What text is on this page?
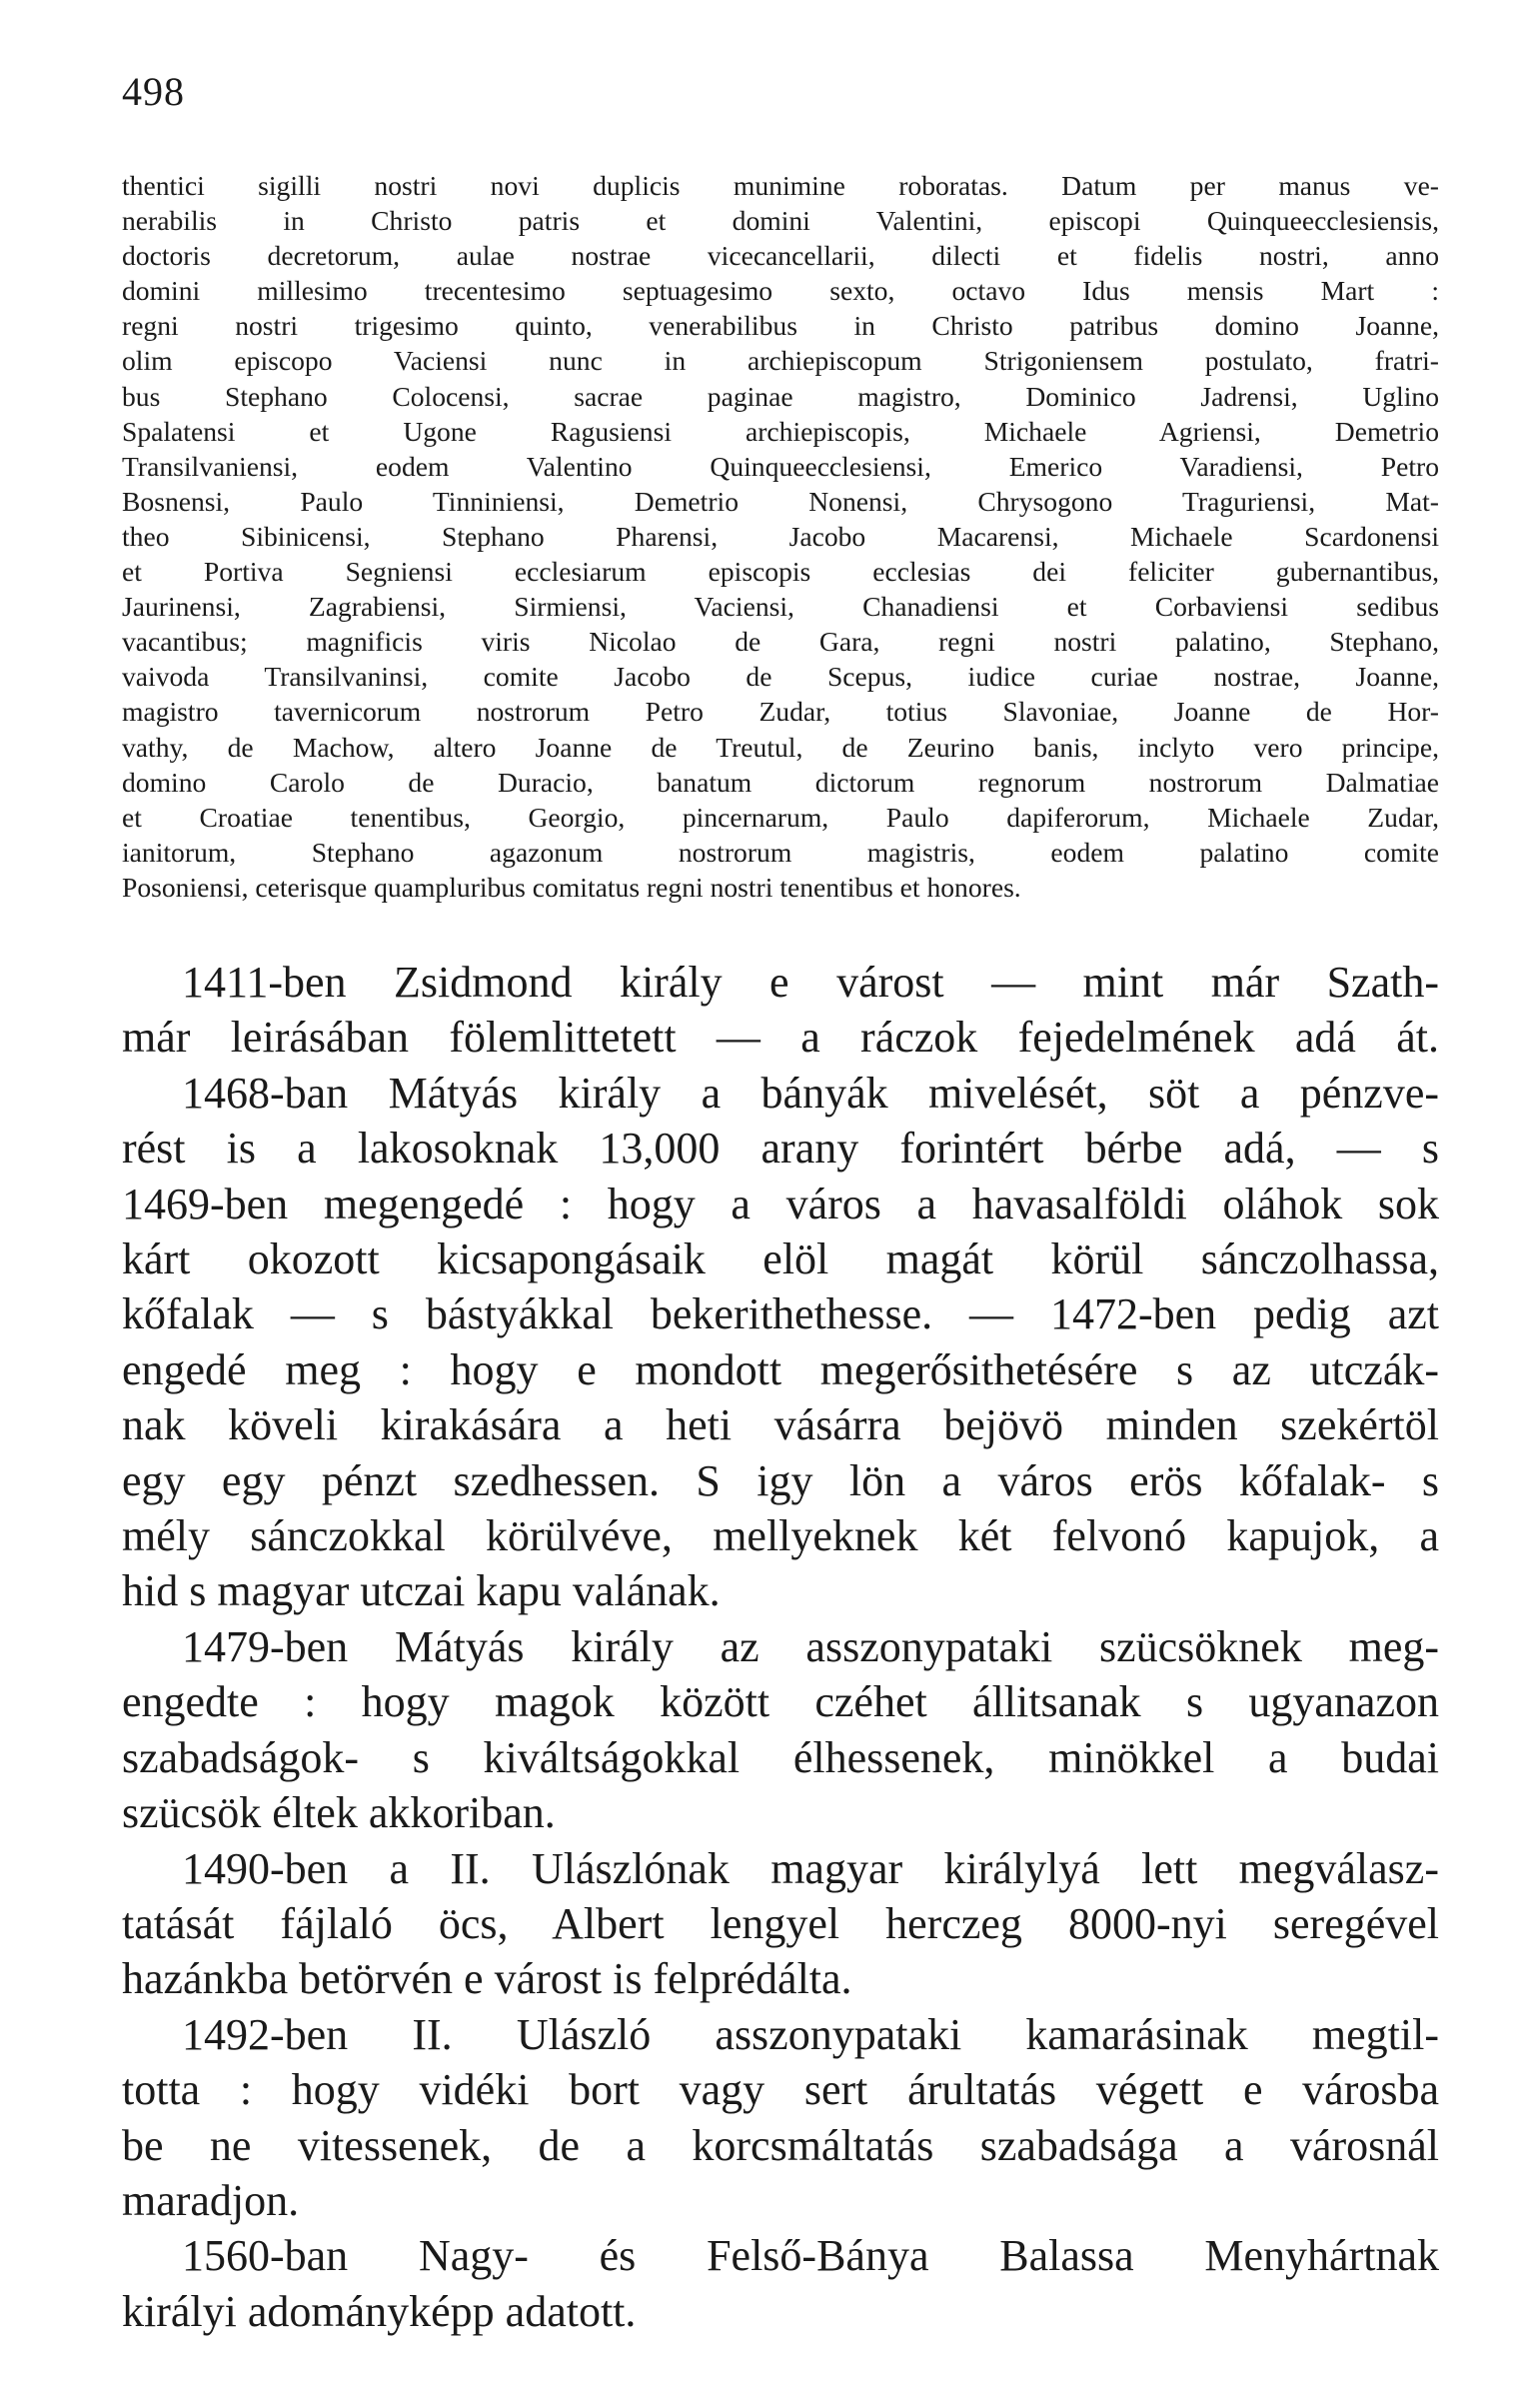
498
thentici sigilli nostri novi duplicis munimine roboratas. Datum per manus ve-
nerabilis in Christo patris et domini Valentini, episcopi Quinqueecclesiensis,
doctoris decretorum, aulae nostrae vicecancellarii, dilecti et fidelis nostri, anno
domini millesimo trecentesimo septuagesimo sexto, octavo Idus mensis Mart :
regni nostri trigesimo quinto, venerabilibus in Christo patribus domino Joanne,
olim episcopo Vaciensi nunc in archiepiscopum Strigoniensem postulato, fratri-
bus Stephano Colocensi, sacrae paginae magistro, Dominico Jadrensi, Uglino
Spalatensi et Ugone Ragusiensi archiepiscopis, Michaele Agriensi, Demetrio
Transilvaniensi, eodem Valentino Quinqueecclesiensi, Emerico Varadiensi, Petro
Bosnensi, Paulo Tinniniensi, Demetrio Nonensi, Chrysogono Traguriensi, Mat-
theo Sibinicensi, Stephano Pharensi, Jacobo Macarensi, Michaele Scardonensi
et Portiva Segniensi ecclesiarum episcopis ecclesias dei feliciter gubernantibus,
Jaurinensi, Zagrabiensi, Sirmiensi, Vaciensi, Chanadiensi et Corbaviensi sedibus
vacantibus; magnificis viris Nicolao de Gara, regni nostri palatino, Stephano,
vaivoda Transilvaninsi, comite Jacobo de Scepus, iudice curiae nostrae, Joanne,
magistro tavernicorum nostrorum Petro Zudar, totius Slavoniae, Joanne de Hor-
vathy, de Machow, altero Joanne de Treutul, de Zeurino banis, inclyto vero principe,
domino Carolo de Duracio, banatum dictorum regnorum nostrorum Dalmatiae
et Croatiae tenentibus, Georgio, pincernarum, Paulo dapiferorum, Michaele Zudar,
ianitorum, Stephano agazonum nostrorum magistris, eodem palatino comite
Posoniensi, ceterisque quampluribus comitatus regni nostri tenentibus et honores.
1411-ben Zsidmond király e várost — mint már Szath-
már leirásában fölemlittetett — a ráczok fejedelmének adá át.
1468-ban Mátyás király a bányák mivelését, söt a pénzve-
rést is a lakosoknak 13,000 arany forintért bérbe adá, — s
1469-ben megengedé : hogy a város a havasalföldi oláhok sok
kárt okozott kicsapongásaik elöl magát körül sánczolhassa,
kőfalak — s bástyákkal bekerithethesse. — 1472-ben pedig azt
engedé meg : hogy e mondott megerősithetésére s az utczák-
nak köveli kirakására a heti vásárra bejövö minden szekértöl
egy egy pénzt szedhessen. S igy lön a város erös kőfalak- s
mély sánczokkal körülvéve, mellyeknek két felvonó kapujok, a
hid s magyar utczai kapu valának.
1479-ben Mátyás király az asszonypataki szücsöknek meg-
engedte : hogy magok között czéhet állitsanak s ugyanazon
szabadságok- s kiváltságokkal élhessenek, minökkel a budai
szücsök éltek akkoriban.
1490-ben a II. Ulászlónak magyar királylyá lett megválasz-
tatását fájlaló öcs, Albert lengyel herczeg 8000-nyi seregével
hazánkba betörvén e várost is felprédálta.
1492-ben II. Ulászló asszonypataki kamarásinak megtil-
totta : hogy vidéki bort vagy sert árultatás végett e városba
be ne vitessenek, de a korcsmáltatás szabadsága a városnál
maradjon.
1560-ban Nagy- és Felső-Bánya Balassa Menyhártnak
királyi adományképp adatott.
